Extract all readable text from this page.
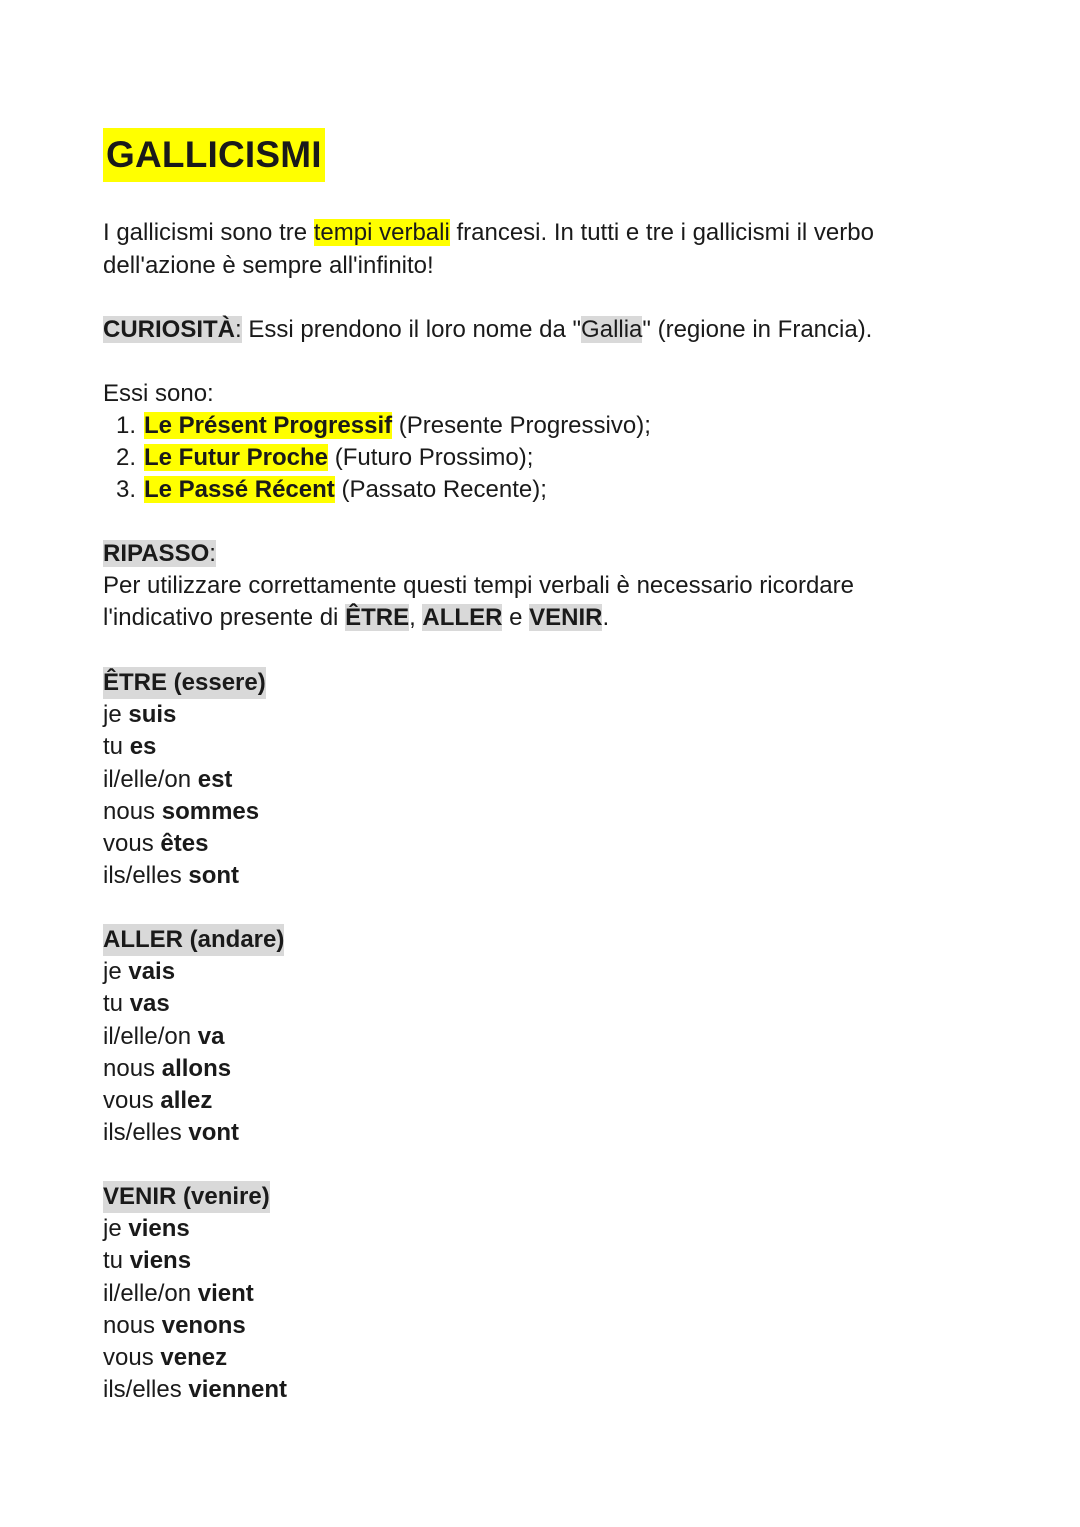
GALLICISMI
I gallicismi sono tre tempi verbali francesi. In tutti e tre i gallicismi il verbo
dell'azione è sempre all'infinito!
CURIOSITÀ: Essi prendono il loro nome da "Gallia" (regione in Francia).
Essi sono:
1. Le Présent Progressif (Presente Progressivo);
2. Le Futur Proche (Futuro Prossimo);
3. Le Passé Récent (Passato Recente);
RIPASSO:
Per utilizzare correttamente questi tempi verbali è necessario ricordare
l'indicativo presente di ÊTRE, ALLER e VENIR.
ÊTRE (essere)
je suis
tu es
il/elle/on est
nous sommes
vous êtes
ils/elles sont
ALLER (andare)
je vais
tu vas
il/elle/on va
nous allons
vous allez
ils/elles vont
VENIR (venire)
je viens
tu viens
il/elle/on vient
nous venons
vous venez
ils/elles viennent
